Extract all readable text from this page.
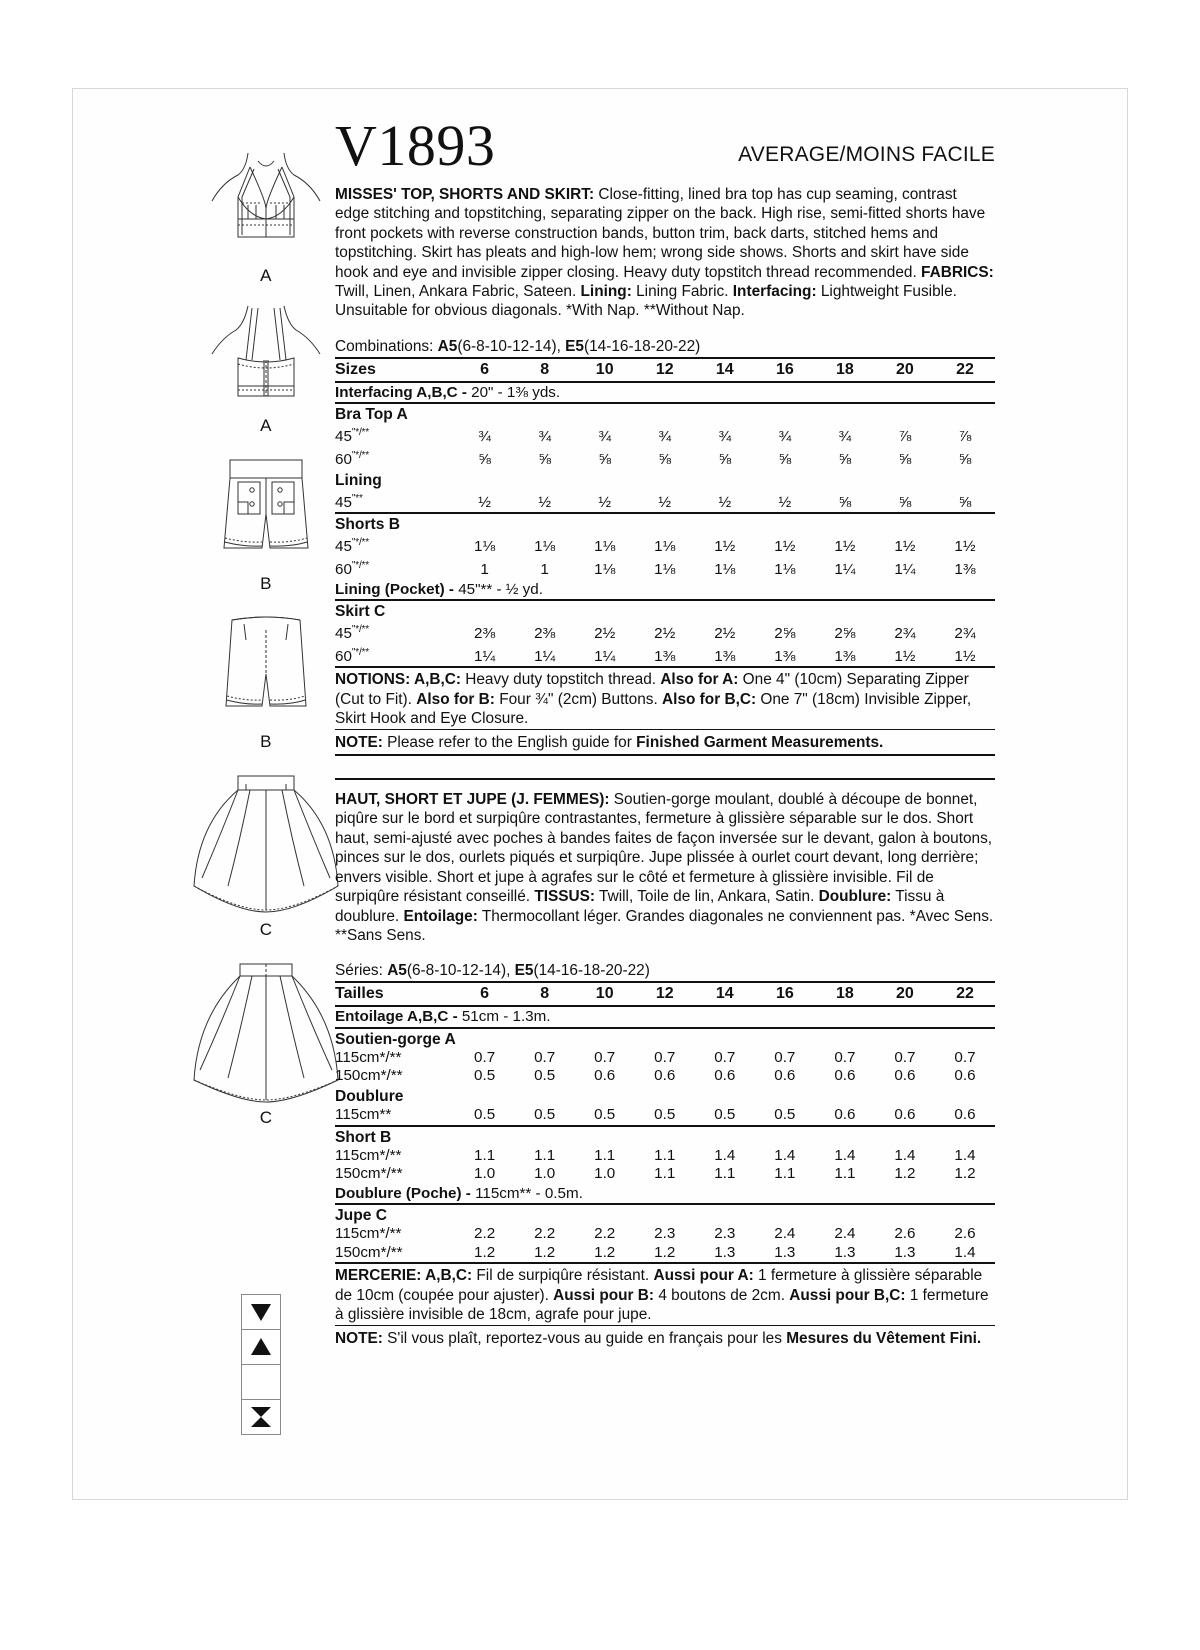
A
A
B
B
C
C
V1893	AVERAGE/MOINS FACILE
MISSES' TOP, SHORTS AND SKIRT: Close-fitting, lined bra top has cup seaming, contrast edge stitching and topstitching, separating zipper on the back. High rise, semi-fitted shorts have front pockets with reverse construction bands, button trim, back darts, stitched hems and topstitching. Skirt has pleats and high-low hem; wrong side shows. Shorts and skirt have side hook and eye and invisible zipper closing. Heavy duty topstitch thread recommended. FABRICS: Twill, Linen, Ankara Fabric, Sateen. Lining: Lining Fabric. Interfacing: Lightweight Fusible. Unsuitable for obvious diagonals. *With Nap. **Without Nap.
Combinations: A5(6-8-10-12-14), E5(14-16-18-20-22)
Sizes	6	8	10	12	14	16	18	20	22
Interfacing A,B,C - 20" - 1⅜ yds.									
Bra Top A									
45"*/**	¾	¾	¾	¾	¾	¾	¾	⅞	⅞
60"*/**	⅝	⅝	⅝	⅝	⅝	⅝	⅝	⅝	⅝
Lining									
45"**	½	½	½	½	½	½	⅝	⅝	⅝
Shorts B									
45"*/**	1⅛	1⅛	1⅛	1⅛	1½	1½	1½	1½	1½
60"*/**	1	1	1⅛	1⅛	1⅛	1⅛	1¼	1¼	1⅜
Lining (Pocket) - 45"** - ½ yd.									
Skirt C									
45"*/**	2⅜	2⅜	2½	2½	2½	2⅝	2⅝	2¾	2¾
60"*/**	1¼	1¼	1¼	1⅜	1⅜	1⅜	1⅜	1½	1½
NOTIONS: A,B,C: Heavy duty topstitch thread. Also for A: One 4" (10cm) Separating Zipper (Cut to Fit). Also for B: Four ¾" (2cm) Buttons. Also for B,C: One 7" (18cm) Invisible Zipper, Skirt Hook and Eye Closure.
NOTE: Please refer to the English guide for Finished Garment Measurements.
HAUT, SHORT ET JUPE (J. FEMMES): Soutien-gorge moulant, doublé à découpe de bonnet, piqûre sur le bord et surpiqûre contrastantes, fermeture à glissière séparable sur le dos. Short haut, semi-ajusté avec poches à bandes faites de façon inversée sur le devant, galon à boutons, pinces sur le dos, ourlets piqués et surpiqûre. Jupe plissée à ourlet court devant, long derrière; envers visible. Short et jupe à agrafes sur le côté et fermeture à glissière invisible. Fil de surpiqûre résistant conseillé. TISSUS: Twill, Toile de lin, Ankara, Satin. Doublure: Tissu à doublure. Entoilage: Thermocollant léger. Grandes diagonales ne conviennent pas. *Avec Sens. **Sans Sens.
Séries: A5(6-8-10-12-14), E5(14-16-18-20-22)
Tailles	6	8	10	12	14	16	18	20	22
Entoilage A,B,C - 51cm - 1.3m.									
Soutien-gorge A									
115cm*/**	0.7	0.7	0.7	0.7	0.7	0.7	0.7	0.7	0.7
150cm*/**	0.5	0.5	0.6	0.6	0.6	0.6	0.6	0.6	0.6
Doublure									
115cm**	0.5	0.5	0.5	0.5	0.5	0.5	0.6	0.6	0.6
Short B									
115cm*/**	1.1	1.1	1.1	1.1	1.4	1.4	1.4	1.4	1.4
150cm*/**	1.0	1.0	1.0	1.1	1.1	1.1	1.1	1.2	1.2
Doublure (Poche) - 115cm** - 0.5m.									
Jupe C									
115cm*/**	2.2	2.2	2.2	2.3	2.3	2.4	2.4	2.6	2.6
150cm*/**	1.2	1.2	1.2	1.2	1.3	1.3	1.3	1.3	1.4
MERCERIE: A,B,C: Fil de surpiqûre résistant. Aussi pour A: 1 fermeture à glissière séparable de 10cm (coupée pour ajuster). Aussi pour B: 4 boutons de 2cm. Aussi pour B,C: 1 fermeture à glissière invisible de 18cm, agrafe pour jupe.
NOTE: S'il vous plaît, reportez-vous au guide en français pour les Mesures du Vêtement Fini.
